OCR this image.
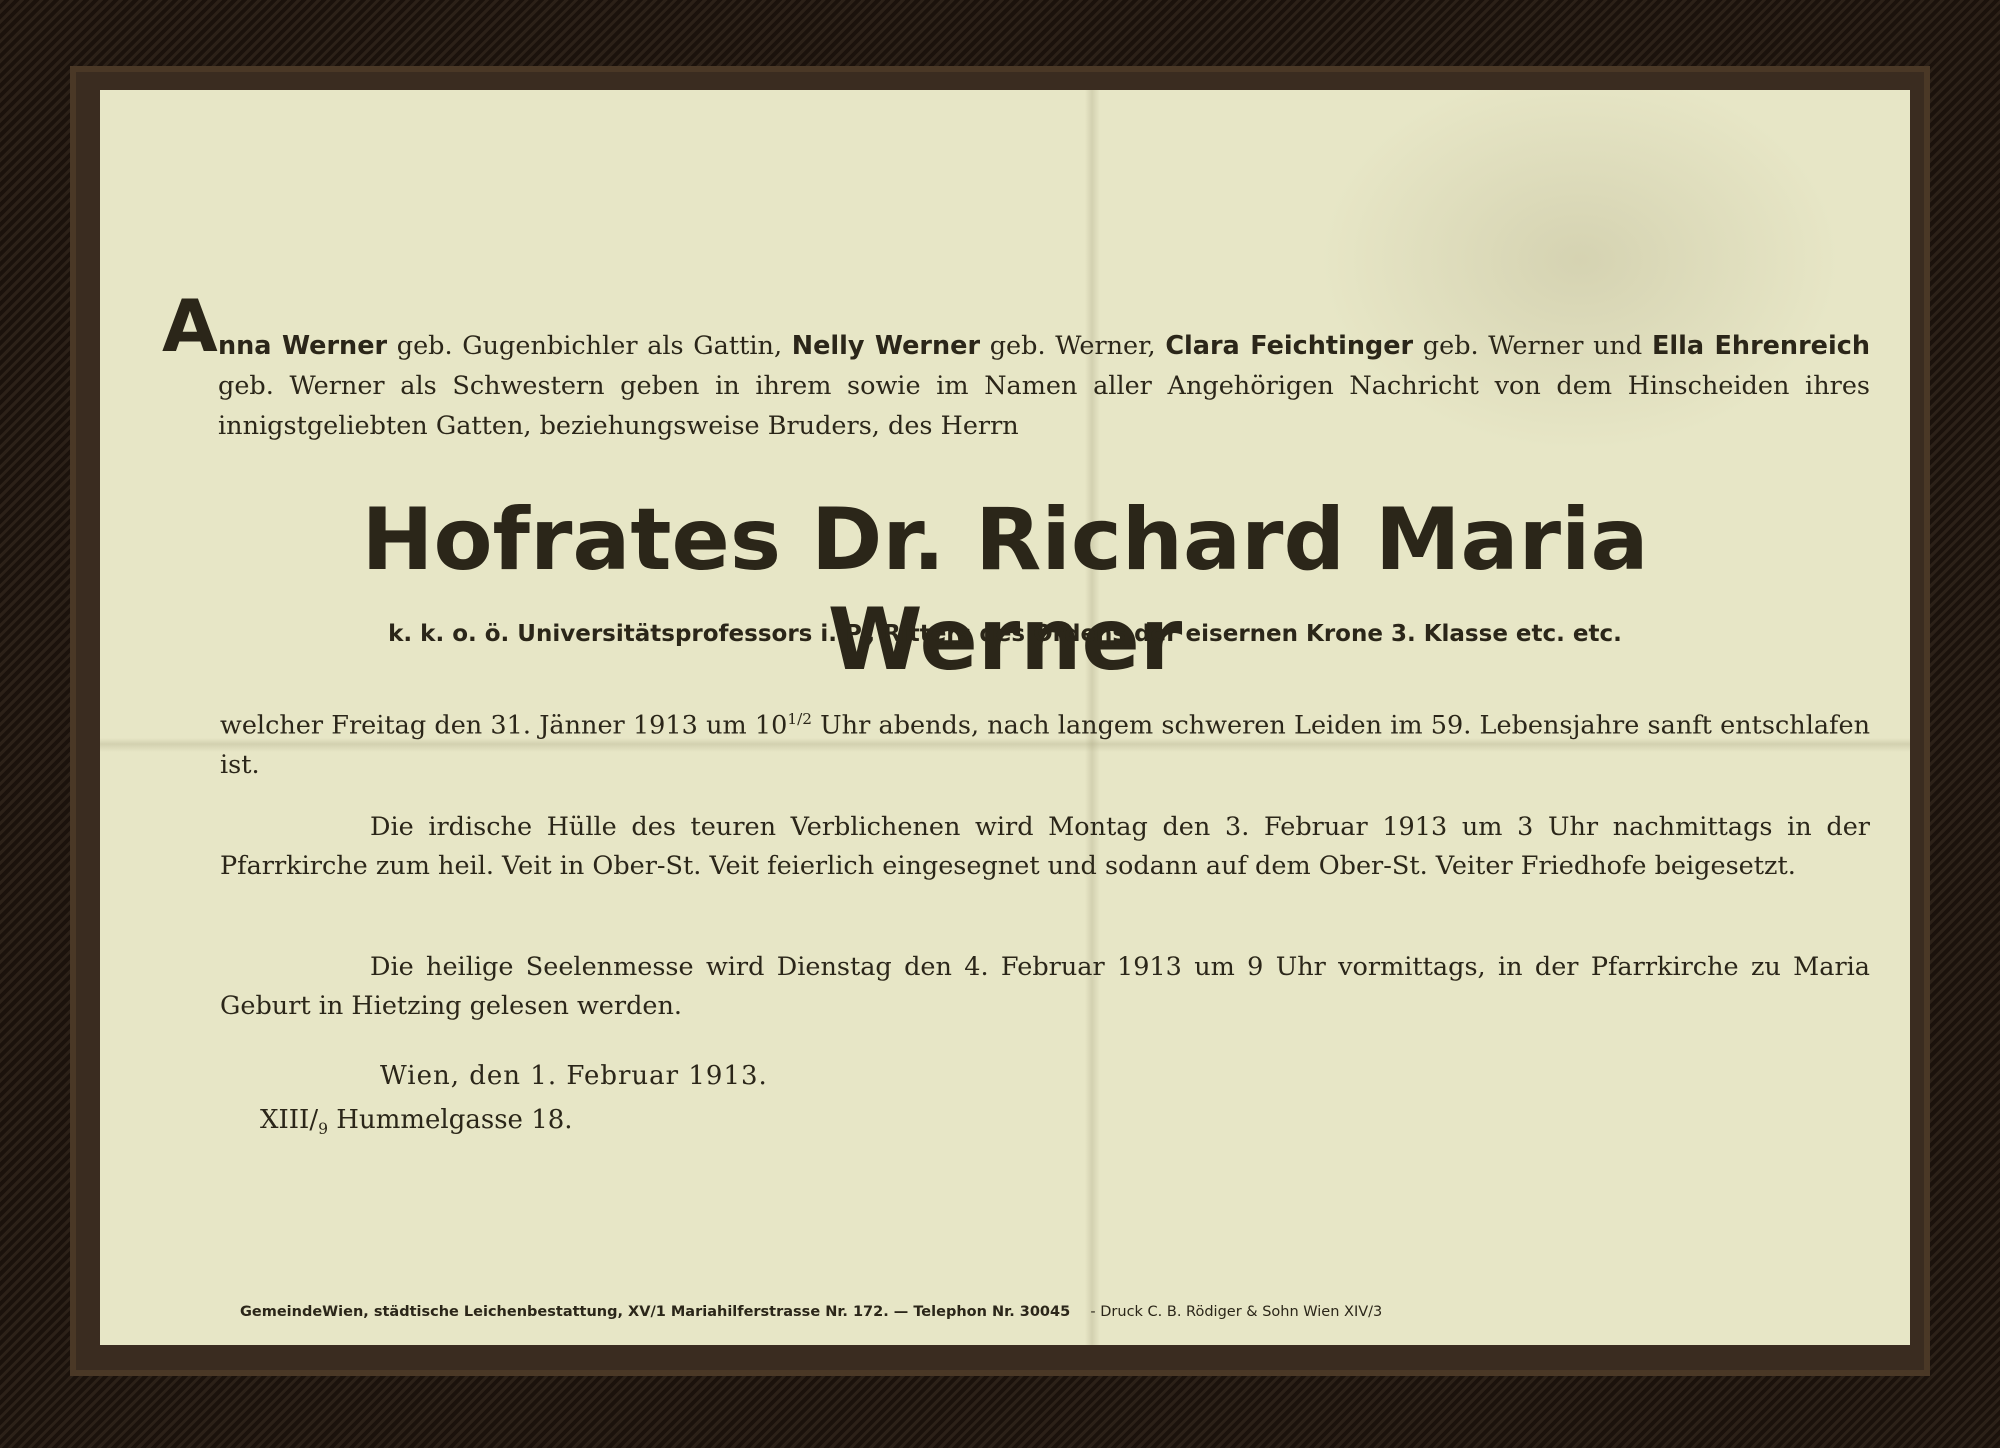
A nna Werner geb. Gugenbichler als Gattin, Nelly Werner geb. Werner, Clara Feichtinger geb. Werner und Ella Ehrenreich geb. Werner als Schwestern geben in ihrem sowie im Namen aller Angehörigen Nachricht von dem Hinscheiden ihres innigstgeliebten Gatten, beziehungsweise Bruders, des Herrn
Hofrates Dr. Richard Maria Werner
k. k. o. ö. Universitätsprofessors i. P., Ritters des Ordens der eisernen Krone 3. Klasse etc. etc.
welcher Freitag den 31. Jänner 1913 um $10^{1/2}$ Uhr abends, nach langem schweren Leiden im 59. Lebensjahre sanft entschlafen ist.
Die irdische Hülle des teuren Verblichenen wird Montag den 3. Februar 1913 um 3 Uhr nachmittags in der Pfarrkirche zum heil. Veit in Ober-St. Veit feierlich eingesegnet und sodann auf dem Ober-St. Veiter Friedhofe beigesetzt.
Die heilige Seelenmesse wird Dienstag den 4. Februar 1913 um 9 Uhr vormittags, in der Pfarrkirche zu Maria Geburt in Hietzing gelesen werden.
Wien, den 1. Februar 1913.
XIII/$_9$ Hummelgasse 18.
GemeindeWien, städtische Leichenbestattung, XV/1 Mariahilferstrasse Nr. 172. — Telephon Nr. 30045 - Druck C. B. Rödiger & Sohn Wien XIV/3
